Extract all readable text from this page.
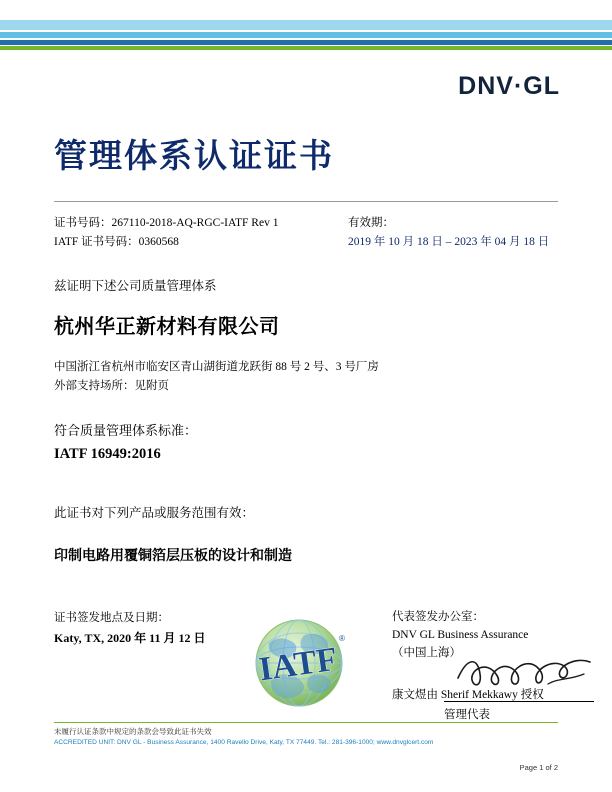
DNV·GL
管理体系认证证书
证书号码：267110-2018-AQ-RGC-IATF Rev 1
IATF 证书号码：0360568
有效期：
2019 年 10 月 18 日 – 2023 年 04 月 18 日

兹证明下述公司质量管理体系

杭州华正新材料有限公司

中国浙江省杭州市临安区青山湖街道龙跃街 88 号 2 号、3 号厂房

外部支持场所：见附页

符合质量管理体系标准：

IATF 16949:2016

此证书对下列产品或服务范围有效：

印制电路用覆铜箔层压板的设计和制造

IATF
®
证书签发地点及日期：
Katy, TX, 2020 年 11 月 12 日
代表签发办公室：
DNV GL Business Assurance
（中国上海）
康文煜由 Sherif Mekkawy 授权
管理代表
未履行认证条款中规定的条款会导致此证书失效
ACCREDITED UNIT: DNV GL - Business Assurance, 1400 Ravello Drive, Katy, TX 77449. Tel.: 281-396-1000; www.dnvglcert.com
Page 1 of 2
